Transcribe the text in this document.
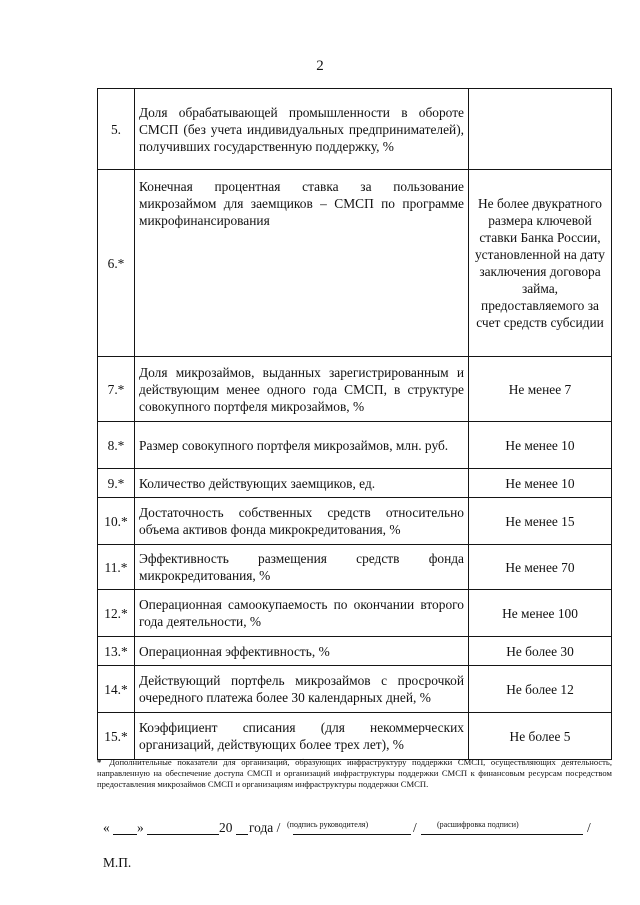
2
5.	Доля обрабатывающей промышленности в обороте СМСП (без учета индивидуальных предпринимателей), получивших государственную поддержку, %	
6.*	Конечная процентная ставка за пользование микрозаймом для заемщиков – СМСП по программе микрофинансирования	Не более двукратного размера ключевой ставки Банка России, установленной на дату заключения договора займа, предоставляемого за счет средств субсидии
7.*	Доля микрозаймов, выданных зарегистрированным и действующим менее одного года СМСП, в структуре совокупного портфеля микрозаймов, %	Не менее 7
8.*	Размер совокупного портфеля микрозаймов, млн. руб.	Не менее 10
9.*	Количество действующих заемщиков, ед.	Не менее 10
10.*	Достаточность собственных средств относительно объема активов фонда микрокредитования, %	Не менее 15
11.*	Эффективность размещения средств фонда микрокредитования, %	Не менее 70
12.*	Операционная самоокупаемость по окончании второго года деятельности, %	Не менее 100
13.*	Операционная эффективность, %	Не более 30
14.*	Действующий портфель микрозаймов с просрочкой очередного платежа более 30 календарных дней, %	Не более 12
15.*	Коэффициент списания (для некоммерческих организаций, действующих более трех лет), %	Не более 5
* Дополнительные показатели для организаций, образующих инфраструктуру поддержки СМСП, осуществляющих деятельность, направленную на обеспечение доступа СМСП и организаций инфраструктуры поддержки СМСП к финансовым ресурсам посредством предоставления микрозаймов СМСП и организациям инфраструктуры поддержки СМСП.
« »	20 года /	/	/
(подпись руководителя)	(расшифровка подписи)
М.П.
